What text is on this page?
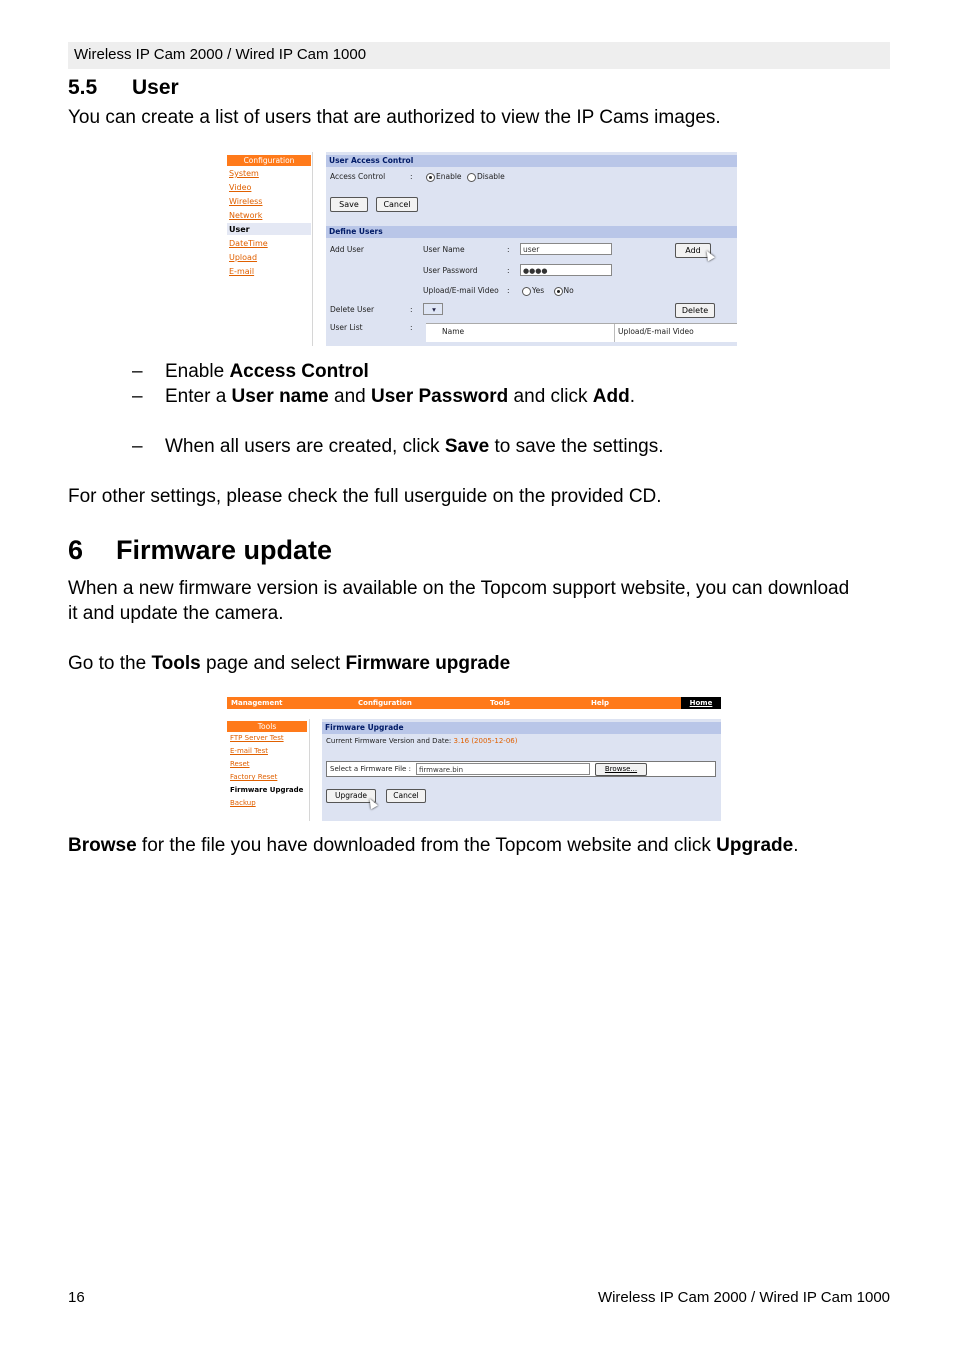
Wireless IP Cam 2000 / Wired IP Cam 1000
5.5 User

You can create a list of users that are authorized to view the IP Cams images.

Configuration
System
Video
Wireless
Network
User
DateTime
Upload
E-mail
User Access Control
Access Control	:	Enable Disable
Save	Cancel
Define Users
Add User	User Name	:	user	Add
User Password	:	●●●●
Upload/E-mail Video :	Yes	No
Delete User	:	▾	Delete
User List	:	Name	Upload/E-mail Video
– Enable Access Control
– Enter a User name and User Password and click Add.
– When all users are created, click Save to save the settings.

For other settings, please check the full userguide on the provided CD.

6 Firmware update

When a new firmware version is available on the Topcom support website, you can download

it and update the camera.

Go to the Tools page and select Firmware upgrade

Management	Configuration	Tools	Help	Home
Tools
FTP Server Test
E-mail Test
Reset
Factory Reset
Firmware Upgrade
Backup
Firmware Upgrade
Current Firmware Version and Date: 3.16 (2005-12-06)
Select a Firmware File :	firmware.bin	Browse...
Upgrade	Cancel

Browse for the file you have downloaded from the Topcom website and click Upgrade.

16	Wireless IP Cam 2000 / Wired IP Cam 1000
